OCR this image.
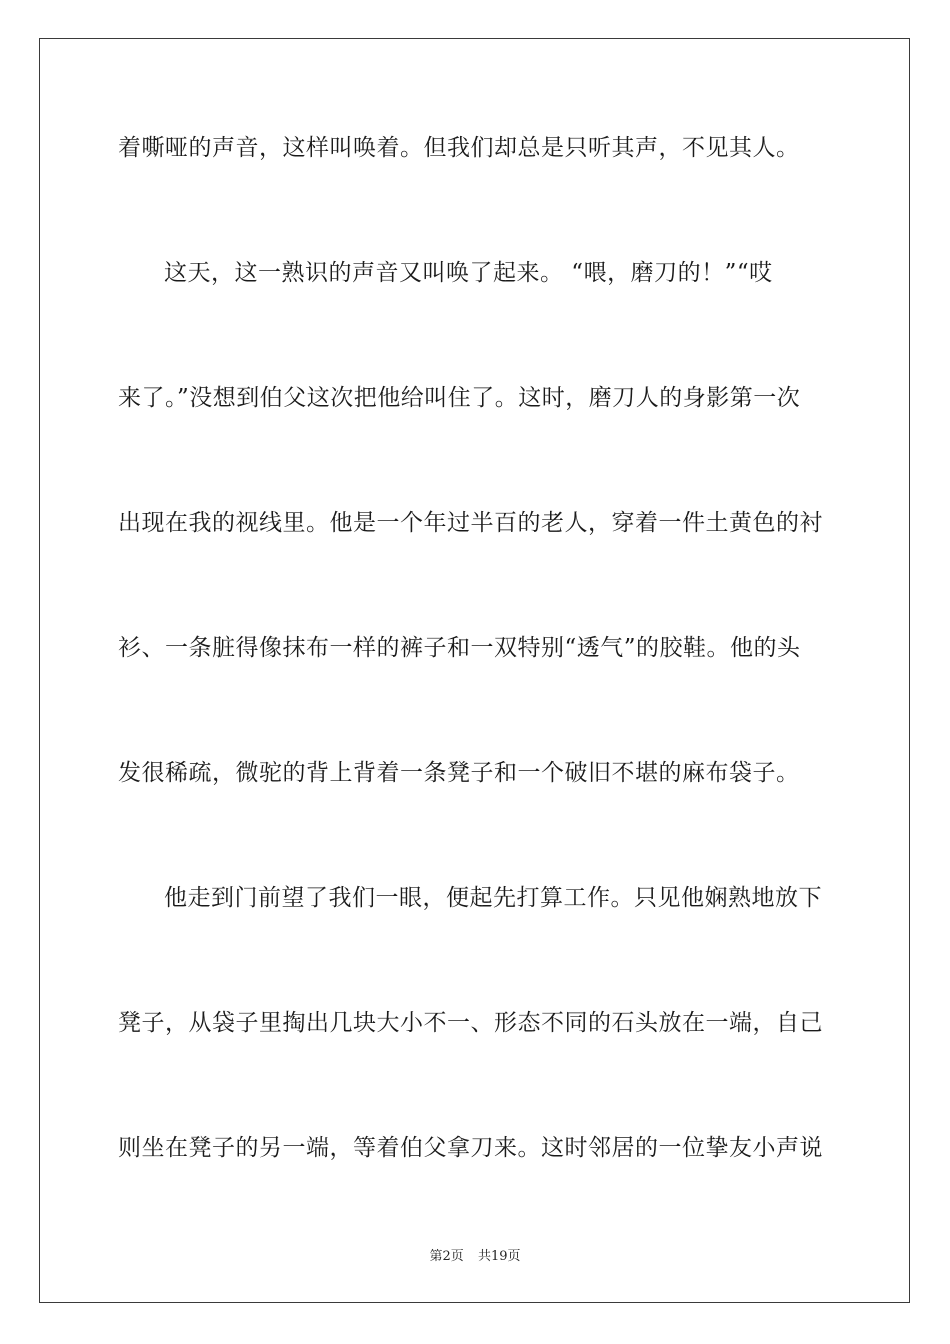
着嘶哑的声音，这样叫唤着。但我们却总是只听其声，不见其人。
这天，这一熟识的声音又叫唤了起来。 “喂，磨刀的！”“哎
来了。”没想到伯父这次把他给叫住了。这时，磨刀人的身影第一次
出现在我的视线里。他是一个年过半百的老人，穿着一件土黄色的衬
衫、一条脏得像抹布一样的裤子和一双特别“透气”的胶鞋。他的头
发很稀疏，微驼的背上背着一条凳子和一个破旧不堪的麻布袋子。
他走到门前望了我们一眼，便起先打算工作。只见他娴熟地放下
凳子，从袋子里掏出几块大小不一、形态不同的石头放在一端，自己
则坐在凳子的另一端，等着伯父拿刀来。这时邻居的一位挚友小声说
第2页 共19页
